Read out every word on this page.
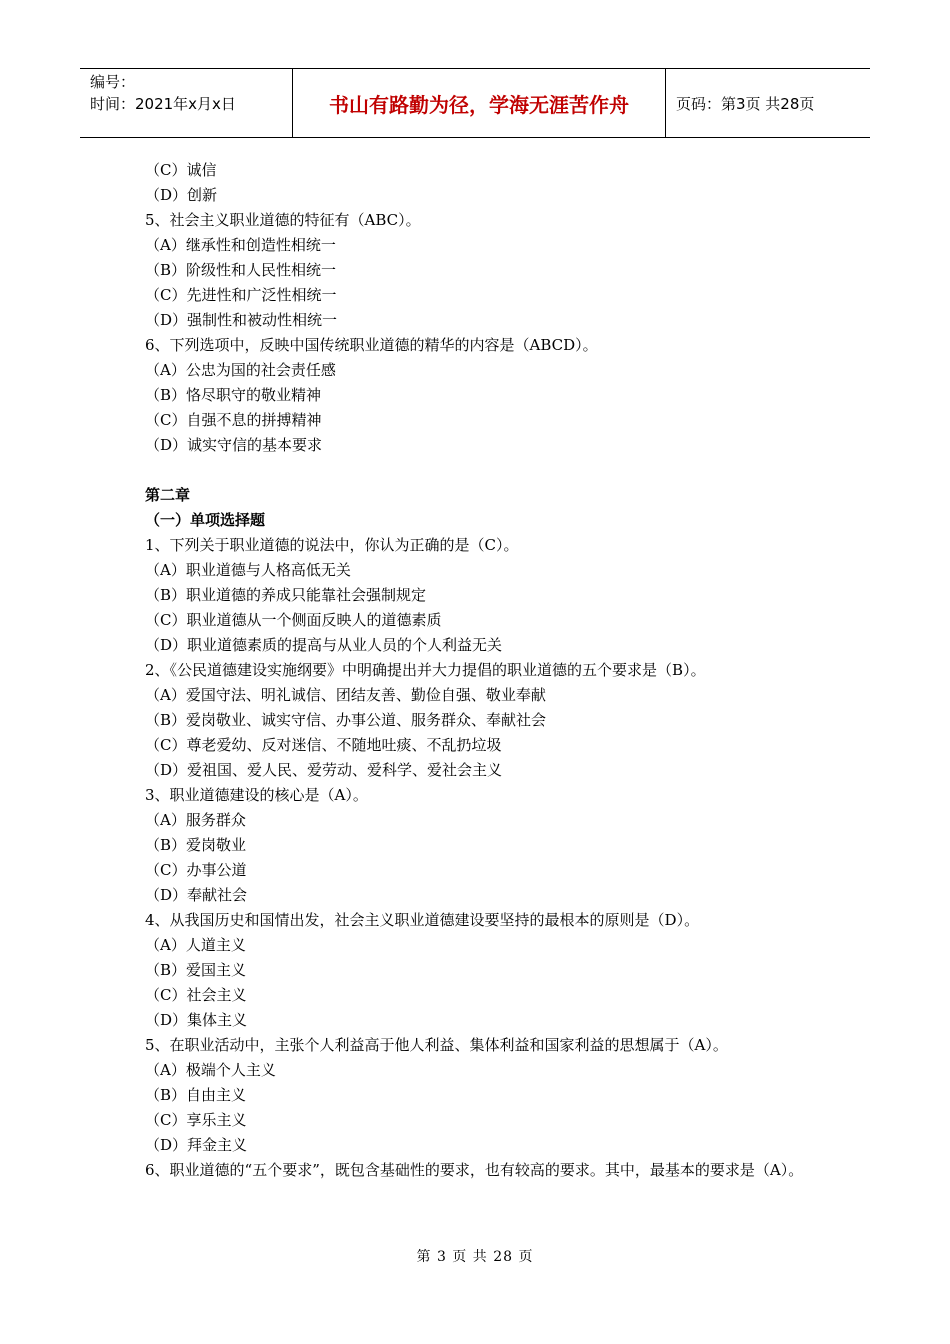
编号：
时间：2021年x月x日	书山有路勤为径，学海无涯苦作舟	页码：第3页 共28页
（C）诚信
（D）创新
5、社会主义职业道德的特征有（ABC）。
（A）继承性和创造性相统一
（B）阶级性和人民性相统一
（C）先进性和广泛性相统一
（D）强制性和被动性相统一
6、下列选项中，反映中国传统职业道德的精华的内容是（ABCD）。
（A）公忠为国的社会责任感
（B）恪尽职守的敬业精神
（C）自强不息的拼搏精神
（D）诚实守信的基本要求
第二章
（一）单项选择题
1、下列关于职业道德的说法中，你认为正确的是（C）。
（A）职业道德与人格高低无关
（B）职业道德的养成只能靠社会强制规定
（C）职业道德从一个侧面反映人的道德素质
（D）职业道德素质的提高与从业人员的个人利益无关
2、《公民道德建设实施纲要》中明确提出并大力提倡的职业道德的五个要求是（B）。
（A）爱国守法、明礼诚信、团结友善、勤俭自强、敬业奉献
（B）爱岗敬业、诚实守信、办事公道、服务群众、奉献社会
（C）尊老爱幼、反对迷信、不随地吐痰、不乱扔垃圾
（D）爱祖国、爱人民、爱劳动、爱科学、爱社会主义
3、职业道德建设的核心是（A）。
（A）服务群众
（B）爱岗敬业
（C）办事公道
（D）奉献社会
4、从我国历史和国情出发，社会主义职业道德建设要坚持的最根本的原则是（D）。
（A）人道主义
（B）爱国主义
（C）社会主义
（D）集体主义
5、在职业活动中，主张个人利益高于他人利益、集体利益和国家利益的思想属于（A）。
（A）极端个人主义
（B）自由主义
（C）享乐主义
（D）拜金主义
6、职业道德的“五个要求”，既包含基础性的要求，也有较高的要求。其中，最基本的要求是（A）。
第 3 页 共 28 页
